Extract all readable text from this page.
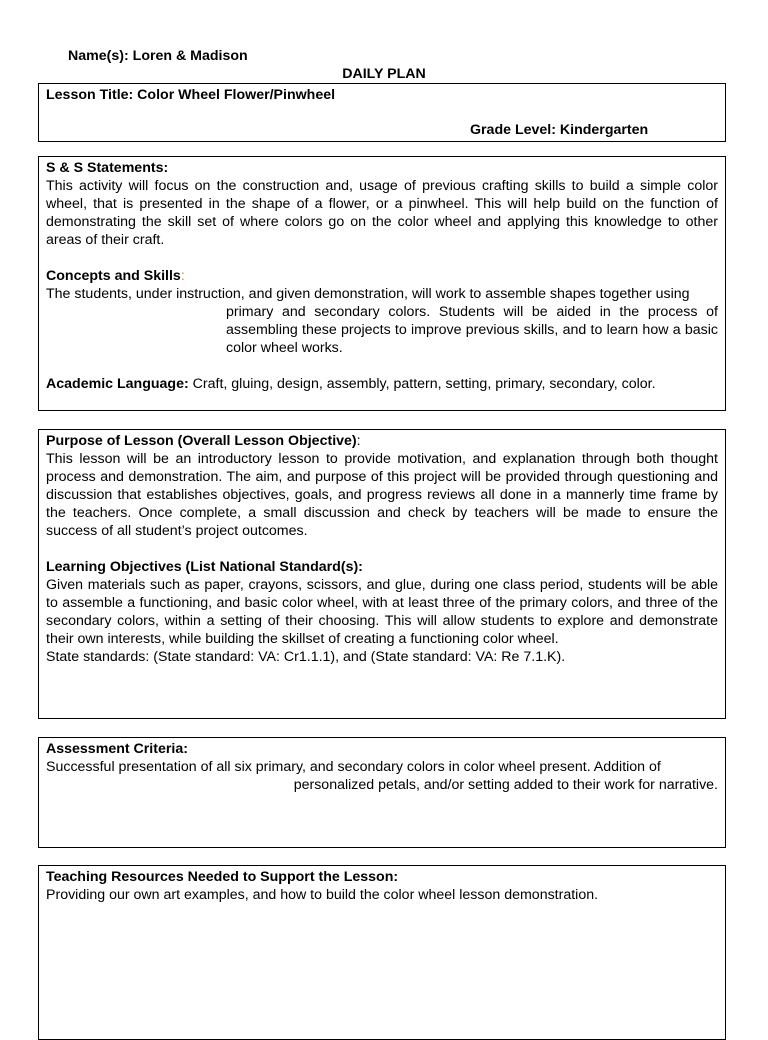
Name(s): Loren & Madison
DAILY PLAN
Lesson Title: Color Wheel Flower/Pinwheel
Grade Level: Kindergarten
S & S Statements:

This activity will focus on the construction and, usage of previous crafting skills to build a simple color wheel, that is presented in the shape of a flower, or a pinwheel. This will help build on the function of demonstrating the skill set of where colors go on the color wheel and applying this knowledge to other areas of their craft.

Concepts and Skills:

The students, under instruction, and given demonstration, will work to assemble shapes together using

primary and secondary colors. Students will be aided in the process of assembling these projects to improve previous skills, and to learn how a basic color wheel works.

Academic Language: Craft, gluing, design, assembly, pattern, setting, primary, secondary, color.

Purpose of Lesson (Overall Lesson Objective):

This lesson will be an introductory lesson to provide motivation, and explanation through both thought process and demonstration. The aim, and purpose of this project will be provided through questioning and discussion that establishes objectives, goals, and progress reviews all done in a mannerly time frame by the teachers. Once complete, a small discussion and check by teachers will be made to ensure the success of all student’s project outcomes.

Learning Objectives (List National Standard(s):

Given materials such as paper, crayons, scissors, and glue, during one class period, students will be able to assemble a functioning, and basic color wheel, with at least three of the primary colors, and three of the secondary colors, within a setting of their choosing. This will allow students to explore and demonstrate their own interests, while building the skillset of creating a functioning color wheel.

State standards: (State standard: VA: Cr1.1.1), and (State standard: VA: Re 7.1.K).

Assessment Criteria:

Successful presentation of all six primary, and secondary colors in color wheel present. Addition of

personalized petals, and/or setting added to their work for narrative.

Teaching Resources Needed to Support the Lesson:

Providing our own art examples, and how to build the color wheel lesson demonstration.
